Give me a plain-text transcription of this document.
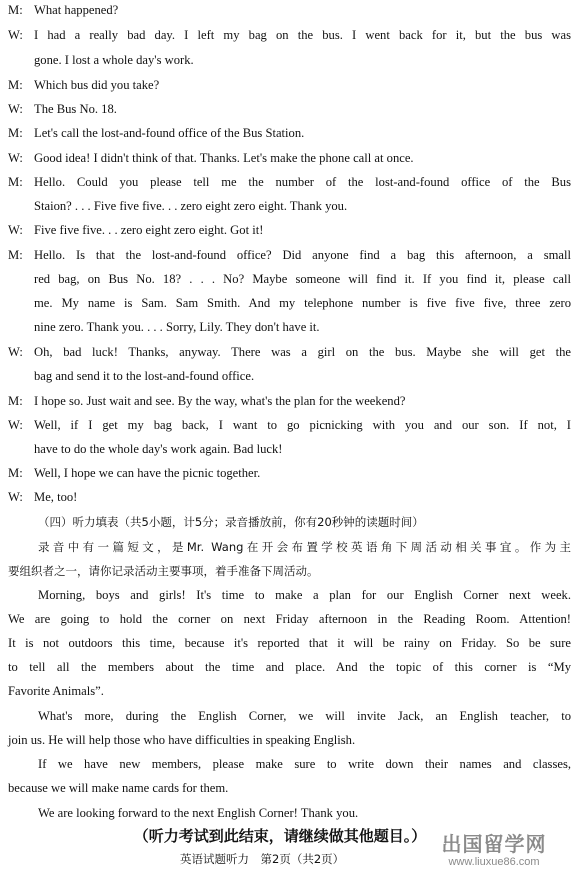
M: What happened?
W: I had a really bad day. I left my bag on the bus. I went back for it, but the bus was
gone. I lost a whole day's work.
M: Which bus did you take?
W: The Bus No. 18.
M: Let's call the lost-and-found office of the Bus Station.
W: Good idea! I didn't think of that. Thanks. Let's make the phone call at once.
M: Hello. Could you please tell me the number of the lost-and-found office of the Bus
Staion? . . . Five five five. . . zero eight zero eight. Thank you.
W: Five five five. . . zero eight zero eight. Got it!
M: Hello. Is that the lost-and-found office? Did anyone find a bag this afternoon, a small
red bag, on Bus No. 18? . . . No? Maybe someone will find it. If you find it, please call
me. My name is Sam. Sam Smith. And my telephone number is five five five, three zero
nine zero. Thank you. . . . Sorry, Lily. They don't have it.
W: Oh, bad luck! Thanks, anyway. There was a girl on the bus. Maybe she will get the
bag and send it to the lost-and-found office.
M: I hope so. Just wait and see. By the way, what's the plan for the weekend?
W: Well, if I get my bag back, I want to go picnicking with you and our son. If not, I
have to do the whole day's work again. Bad luck!
M: Well, I hope we can have the picnic together.
W: Me, too!
（四）听力填表（共5小题，计5分；录音播放前，你有20秒钟的读题时间）
录音中有一篇短文，是Mr. Wang在开会布置学校英语角下周活动相关事宜。作为主
要组织者之一，请你记录活动主要事项，着手准备下周活动。
Morning, boys and girls! It's time to make a plan for our English Corner next week.
We are going to hold the corner on next Friday afternoon in the Reading Room. Attention!
It is not outdoors this time, because it's reported that it will be rainy on Friday. So be sure
to tell all the members about the time and place. And the topic of this corner is “My
Favorite Animals”.
What's more, during the English Corner, we will invite Jack, an English teacher, to
join us. He will help those who have difficulties in speaking English.
If we have new members, please make sure to write down their names and classes,
because we will make name cards for them.
We are looking forward to the next English Corner! Thank you.
（听力考试到此结束，请继续做其他题目。）
英语试题听力　第2页（共2页）
出国留学网
www.liuxue86.com
